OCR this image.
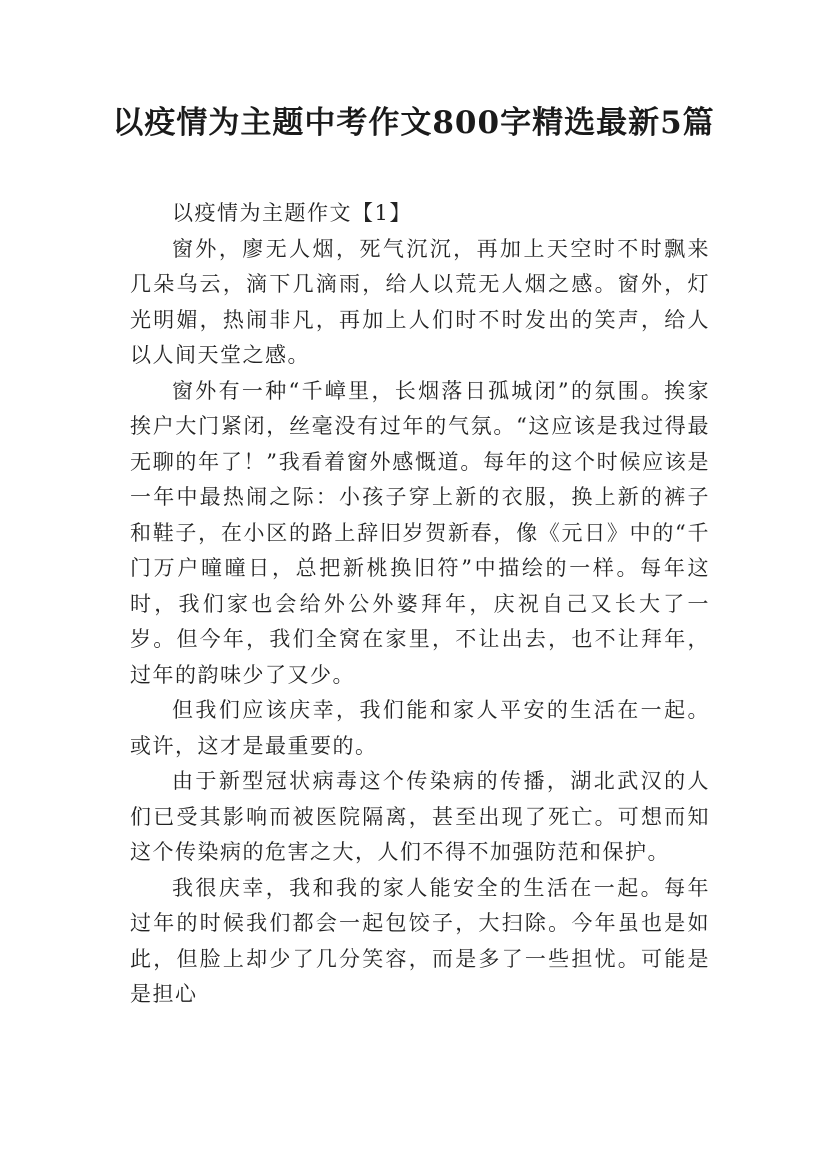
以疫情为主题中考作文800字精选最新5篇

以疫情为主题作文【1】

窗外，廖无人烟，死气沉沉，再加上天空时不时飘来几朵乌云，滴下几滴雨，给人以荒无人烟之感。窗外，灯光明媚，热闹非凡，再加上人们时不时发出的笑声，给人以人间天堂之感。

窗外有一种“千嶂里，长烟落日孤城闭”的氛围。挨家挨户大门紧闭，丝毫没有过年的气氛。“这应该是我过得最无聊的年了！”我看着窗外感慨道。每年的这个时候应该是一年中最热闹之际：小孩子穿上新的衣服，换上新的裤子和鞋子，在小区的路上辞旧岁贺新春，像《元日》中的“千门万户曈曈日，总把新桃换旧符”中描绘的一样。每年这时，我们家也会给外公外婆拜年，庆祝自己又长大了一岁。但今年，我们全窝在家里，不让出去，也不让拜年，过年的韵味少了又少。

但我们应该庆幸，我们能和家人平安的生活在一起。或许，这才是最重要的。

由于新型冠状病毒这个传染病的传播，湖北武汉的人们已受其影响而被医院隔离，甚至出现了死亡。可想而知这个传染病的危害之大，人们不得不加强防范和保护。

我很庆幸，我和我的家人能安全的生活在一起。每年过年的时候我们都会一起包饺子，大扫除。今年虽也是如此，但脸上却少了几分笑容，而是多了一些担忧。可能是是担心
